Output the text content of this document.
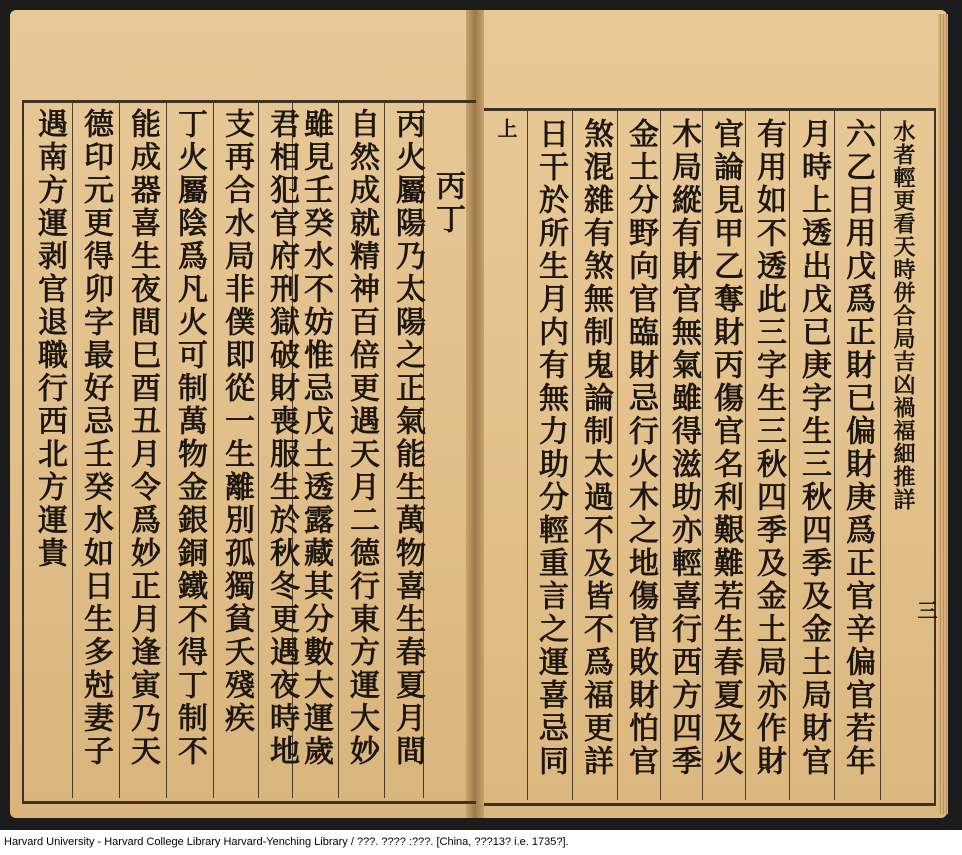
丙丁
丙火屬陽乃太陽之正氣能生萬物喜生春夏月間
自然成就精神百倍更遇天月二德行東方運大妙
雖見壬癸水不妨惟忌戊土透露藏其分數大運歲
君相犯官府刑獄破財喪服生於秋冬更遇夜時地
支再合水局非僕即從一生離別孤獨貧夭殘疾
丁火屬陰爲凡火可制萬物金銀銅鐵不得丁制不
能成器喜生夜間巳酉丑月令爲妙正月逢寅乃天
德印元更得卯字最好忌壬癸水如日生多尅妻子
遇南方運剥官退職行西北方運貴	上	水者輕更看天時併合局吉凶禍福細推詳
六乙日用戊爲正財已偏財庚爲正官辛偏官若年
月時上透出戊已庚字生三秋四季及金土局財官
有用如不透此三字生三秋四季及金土局亦作財
官論見甲乙奪財丙傷官名利艱難若生春夏及火
木局縱有財官無氣雖得滋助亦輕喜行西方四季
金土分野向官臨財忌行火木之地傷官敗財怕官
煞混雜有煞無制鬼論制太過不及皆不爲福更詳
日干於所生月内有無力助分輕重言之運喜忌同	三
Harvard University - Harvard College Library Harvard-Yenching Library / ???. ???? :???. [China, ???13? i.e. 1735?].
